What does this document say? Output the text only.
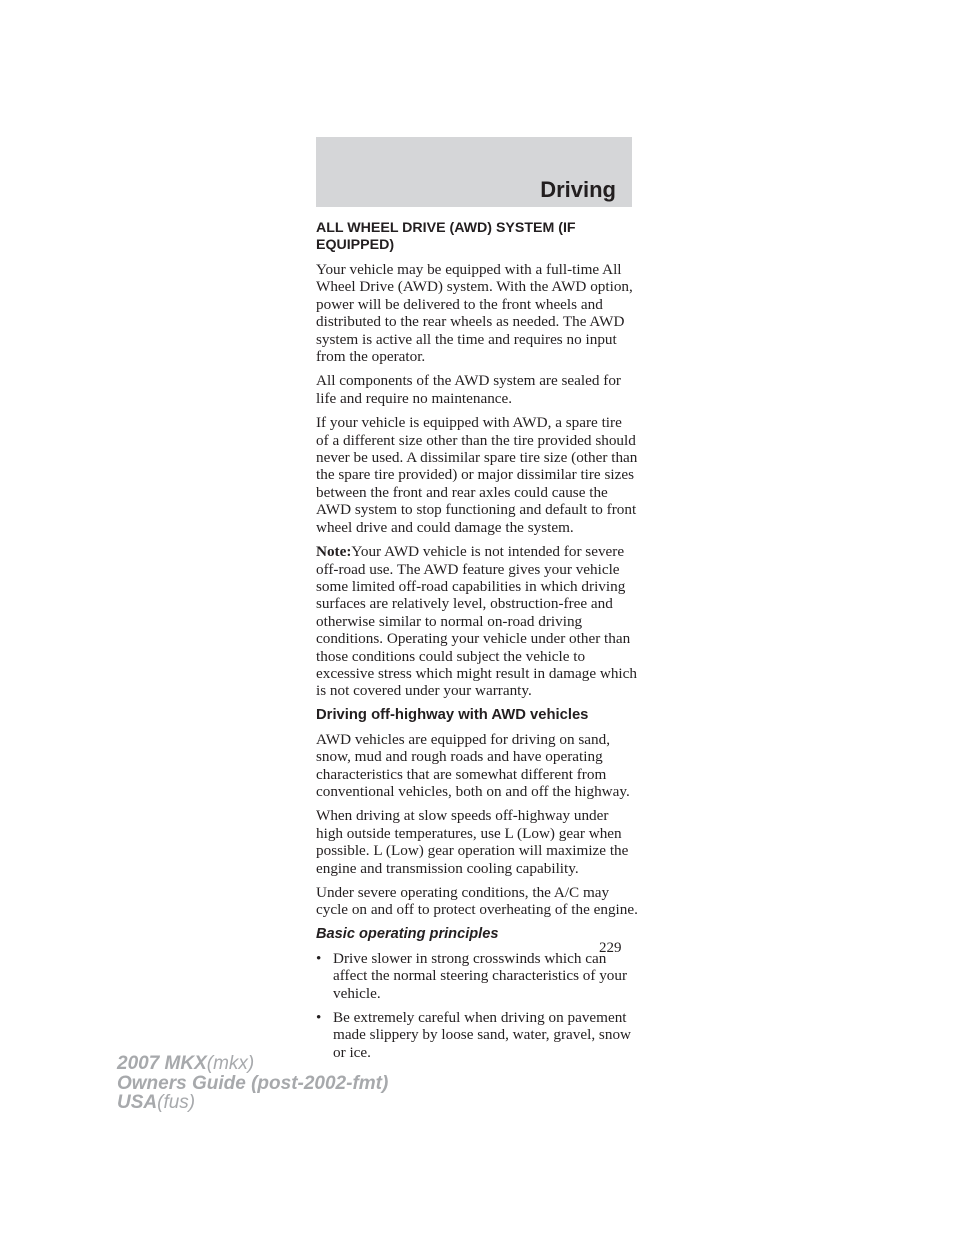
Driving
ALL WHEEL DRIVE (AWD) SYSTEM (IF EQUIPPED)

Your vehicle may be equipped with a full-time All Wheel Drive (AWD) system. With the AWD option, power will be delivered to the front wheels and distributed to the rear wheels as needed. The AWD system is active all the time and requires no input from the operator.

All components of the AWD system are sealed for life and require no maintenance.

If your vehicle is equipped with AWD, a spare tire of a different size other than the tire provided should never be used. A dissimilar spare tire size (other than the spare tire provided) or major dissimilar tire sizes between the front and rear axles could cause the AWD system to stop functioning and default to front wheel drive and could damage the system.

Note:Your AWD vehicle is not intended for severe off-road use. The AWD feature gives your vehicle some limited off-road capabilities in which driving surfaces are relatively level, obstruction-free and otherwise similar to normal on-road driving conditions. Operating your vehicle under other than those conditions could subject the vehicle to excessive stress which might result in damage which is not covered under your warranty.

Driving off-highway with AWD vehicles

AWD vehicles are equipped for driving on sand, snow, mud and rough roads and have operating characteristics that are somewhat different from conventional vehicles, both on and off the highway.

When driving at slow speeds off-highway under high outside temperatures, use L (Low) gear when possible. L (Low) gear operation will maximize the engine and transmission cooling capability.

Under severe operating conditions, the A/C may cycle on and off to protect overheating of the engine.

Basic operating principles
• Drive slower in strong crosswinds which can affect the normal steering characteristics of your vehicle.
• Be extremely careful when driving on pavement made slippery by loose sand, water, gravel, snow or ice.
229
2007 MKX(mkx)
Owners Guide (post-2002-fmt)
USA(fus)
